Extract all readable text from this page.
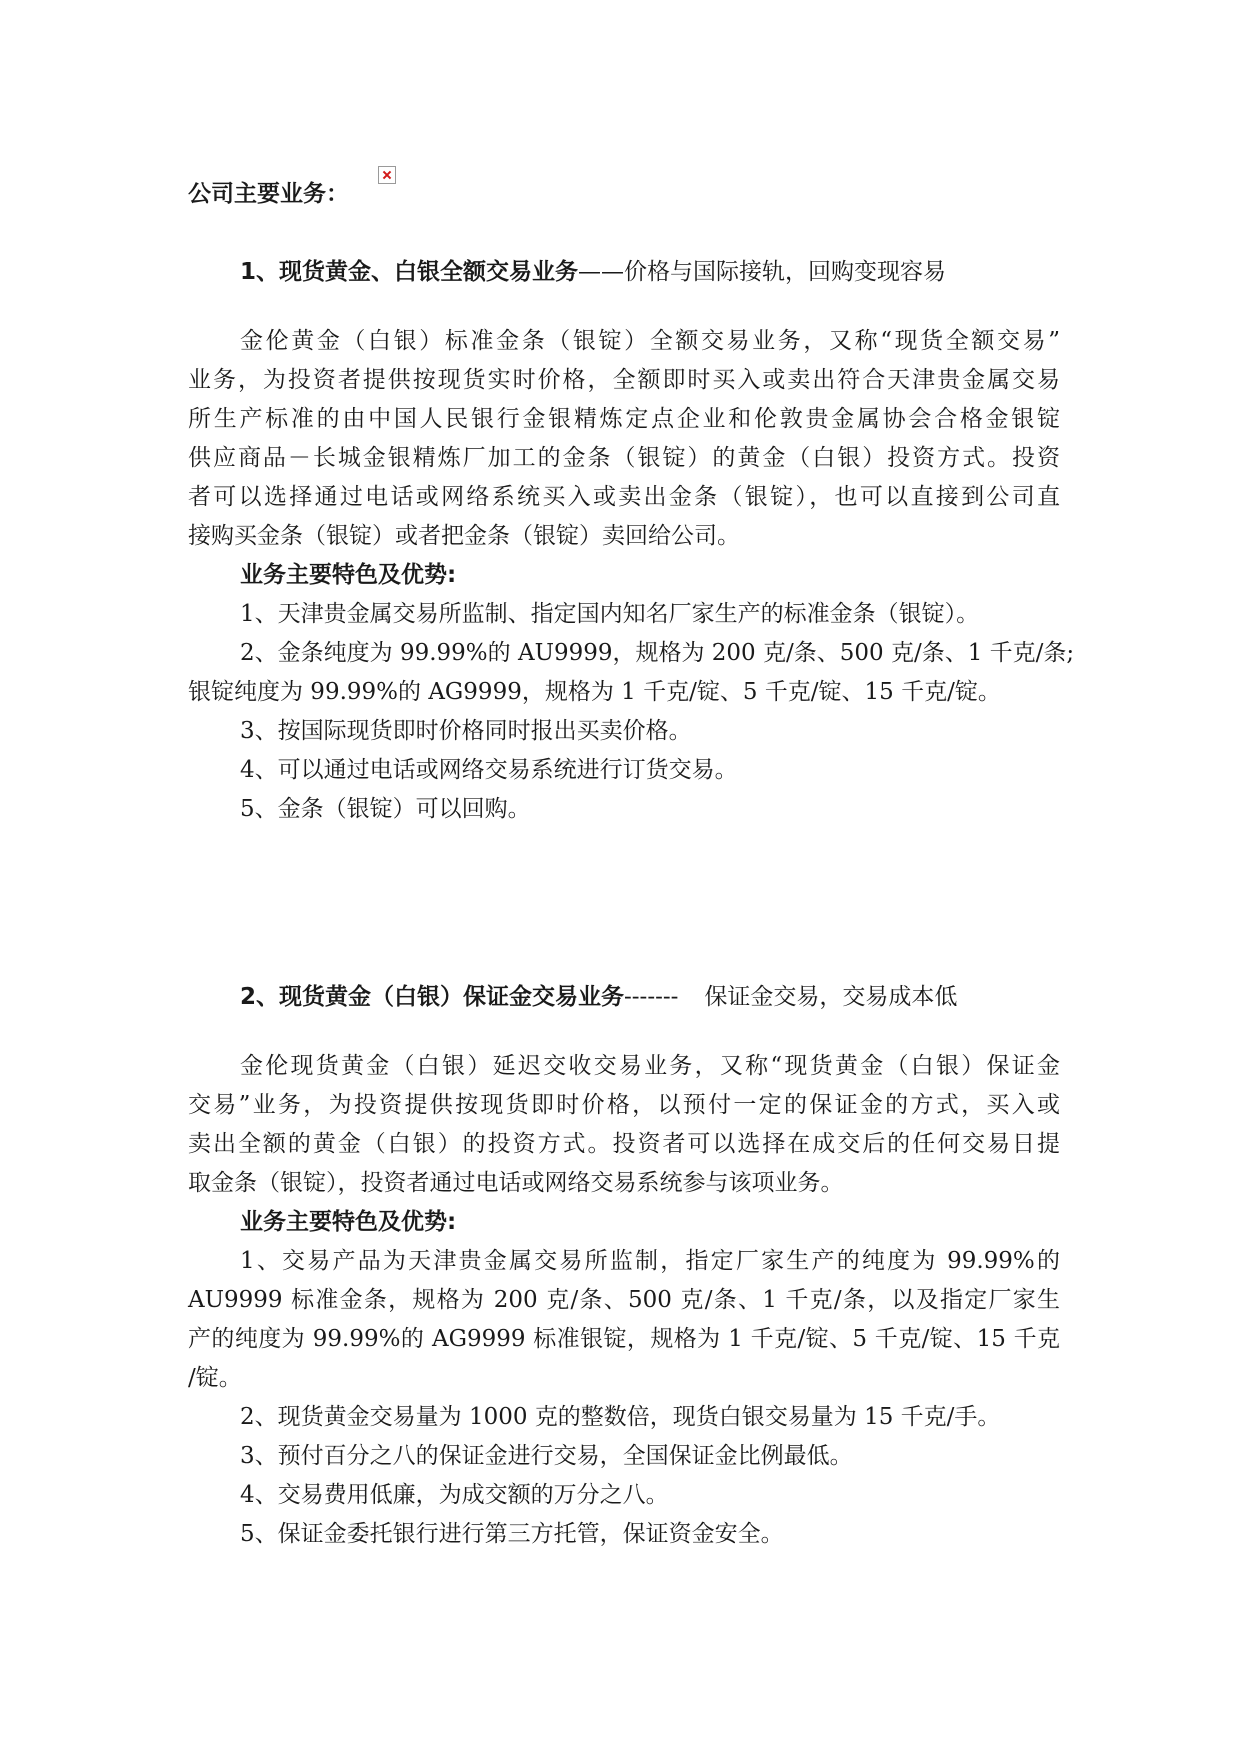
公司主要业务：
1、现货黄金、白银全额交易业务——价格与国际接轨，回购变现容易
金伦黄金（白银）标准金条（银锭）全额交易业务，又称“现货全额交易”
业务，为投资者提供按现货实时价格，全额即时买入或卖出符合天津贵金属交易
所生产标准的由中国人民银行金银精炼定点企业和伦敦贵金属协会合格金银锭
供应商品－长城金银精炼厂加工的金条（银锭）的黄金（白银）投资方式。投资
者可以选择通过电话或网络系统买入或卖出金条（银锭），也可以直接到公司直
接购买金条（银锭）或者把金条（银锭）卖回给公司。
业务主要特色及优势:
1、天津贵金属交易所监制、指定国内知名厂家生产的标准金条（银锭）。
2、金条纯度为 99.99%的 AU9999，规格为 200 克/条、500 克/条、1 千克/条;
银锭纯度为 99.99%的 AG9999，规格为 1 千克/锭、5 千克/锭、15 千克/锭。
3、按国际现货即时价格同时报出买卖价格。
4、可以通过电话或网络交易系统进行订货交易。
5、金条（银锭）可以回购。
2、现货黄金（白银）保证金交易业务------- 保证金交易，交易成本低
金伦现货黄金（白银）延迟交收交易业务，又称“现货黄金（白银）保证金
交易”业务，为投资提供按现货即时价格，以预付一定的保证金的方式，买入或
卖出全额的黄金（白银）的投资方式。投资者可以选择在成交后的任何交易日提
取金条（银锭），投资者通过电话或网络交易系统参与该项业务。
业务主要特色及优势:
1、交易产品为天津贵金属交易所监制，指定厂家生产的纯度为 99.99%的
AU9999 标准金条，规格为 200 克/条、500 克/条、1 千克/条，以及指定厂家生
产的纯度为 99.99%的 AG9999 标准银锭，规格为 1 千克/锭、5 千克/锭、15 千克
/锭。
2、现货黄金交易量为 1000 克的整数倍，现货白银交易量为 15 千克/手。
3、预付百分之八的保证金进行交易，全国保证金比例最低。
4、交易费用低廉，为成交额的万分之八。
5、保证金委托银行进行第三方托管，保证资金安全。
